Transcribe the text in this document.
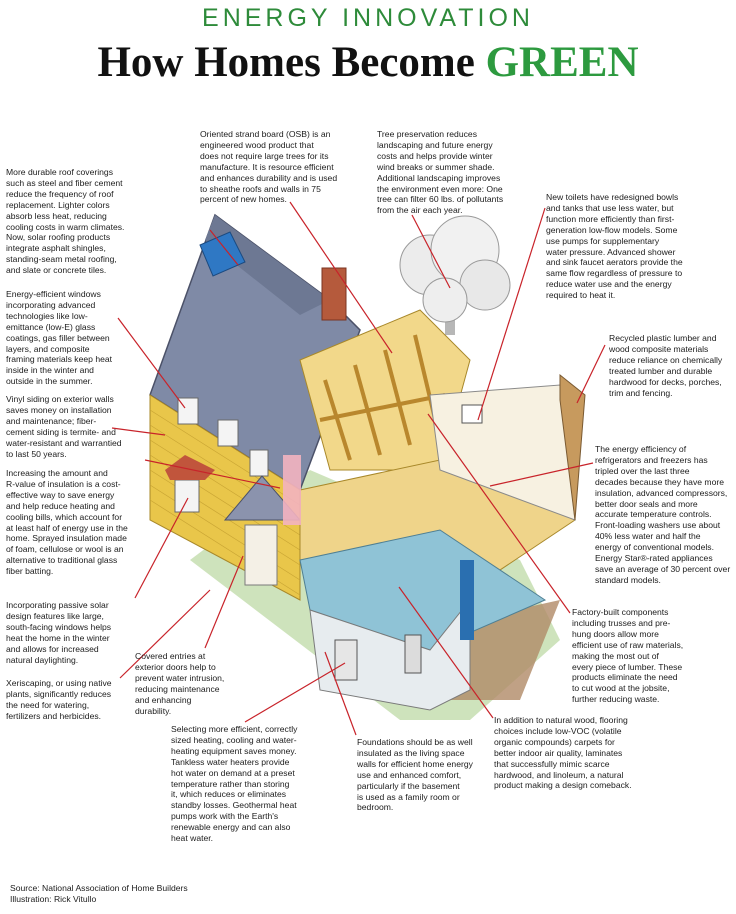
ENERGY INNOVATION
How Homes Become GREEN
More durable roof coverings
such as steel and fiber cement
reduce the frequency of roof
replacement. Lighter colors
absorb less heat, reducing
cooling costs in warm climates.
Now, solar roofing products
integrate asphalt shingles,
standing-seam metal roofing,
and slate or concrete tiles.
Energy-efficient windows
incorporating advanced
technologies like low-
emittance (low-E) glass
coatings, gas filler between
layers, and composite
framing materials keep heat
inside in the winter and
outside in the summer.
Vinyl siding on exterior walls
saves money on installation
and maintenance; fiber-
cement siding is termite- and
water-resistant and warrantied
to last 50 years.
Increasing the amount and
R-value of insulation is a cost-
effective way to save energy
and help reduce heating and
cooling bills, which account for
at least half of energy use in the
home. Sprayed insulation made
of foam, cellulose or wool is an
alternative to traditional glass
fiber batting.
Incorporating passive solar
design features like large,
south-facing windows helps
heat the home in the winter
and allows for increased
natural daylighting.
Xeriscaping, or using native
plants, significantly reduces
the need for watering,
fertilizers and herbicides.
Covered entries at
exterior doors help to
prevent water intrusion,
reducing maintenance
and enhancing
durability.
Selecting more efficient, correctly
sized heating, cooling and water-
heating equipment saves money.
Tankless water heaters provide
hot water on demand at a preset
temperature rather than storing
it, which reduces or eliminates
standby losses. Geothermal heat
pumps work with the Earth's
renewable energy and can also
heat water.
Oriented strand board (OSB) is an
engineered wood product that
does not require large trees for its
manufacture. It is resource efficient
and enhances durability and is used
to sheathe roofs and walls in 75
percent of new homes.
Tree preservation reduces
landscaping and future energy
costs and helps provide winter
wind breaks or summer shade.
Additional landscaping improves
the environment even more: One
tree can filter 60 lbs. of pollutants
from the air each year.
New toilets have redesigned bowls
and tanks that use less water, but
function more efficiently than first-
generation low-flow models. Some
use pumps for supplementary
water pressure. Advanced shower
and sink faucet aerators provide the
same flow regardless of pressure to
reduce water use and the energy
required to heat it.
Recycled plastic lumber and
wood composite materials
reduce reliance on chemically
treated lumber and durable
hardwood for decks, porches,
trim and fencing.
The energy efficiency of
refrigerators and freezers has
tripled over the last three
decades because they have more
insulation, advanced compressors,
better door seals and more
accurate temperature controls.
Front-loading washers use about
40% less water and half the
energy of conventional models.
Energy Star®-rated appliances
save an average of 30 percent over
standard models.
Factory-built components
including trusses and pre-
hung doors allow more
efficient use of raw materials,
making the most out of
every piece of lumber. These
products eliminate the need
to cut wood at the jobsite,
further reducing waste.
Foundations should be as well
insulated as the living space
walls for efficient home energy
use and enhanced comfort,
particularly if the basement
is used as a family room or
bedroom.
In addition to natural wood, flooring
choices include low-VOC (volatile
organic compounds) carpets for
better indoor air quality, laminates
that successfully mimic scarce
hardwood, and linoleum, a natural
product making a design comeback.
Source: National Association of Home Builders
Illustration: Rick Vitullo
